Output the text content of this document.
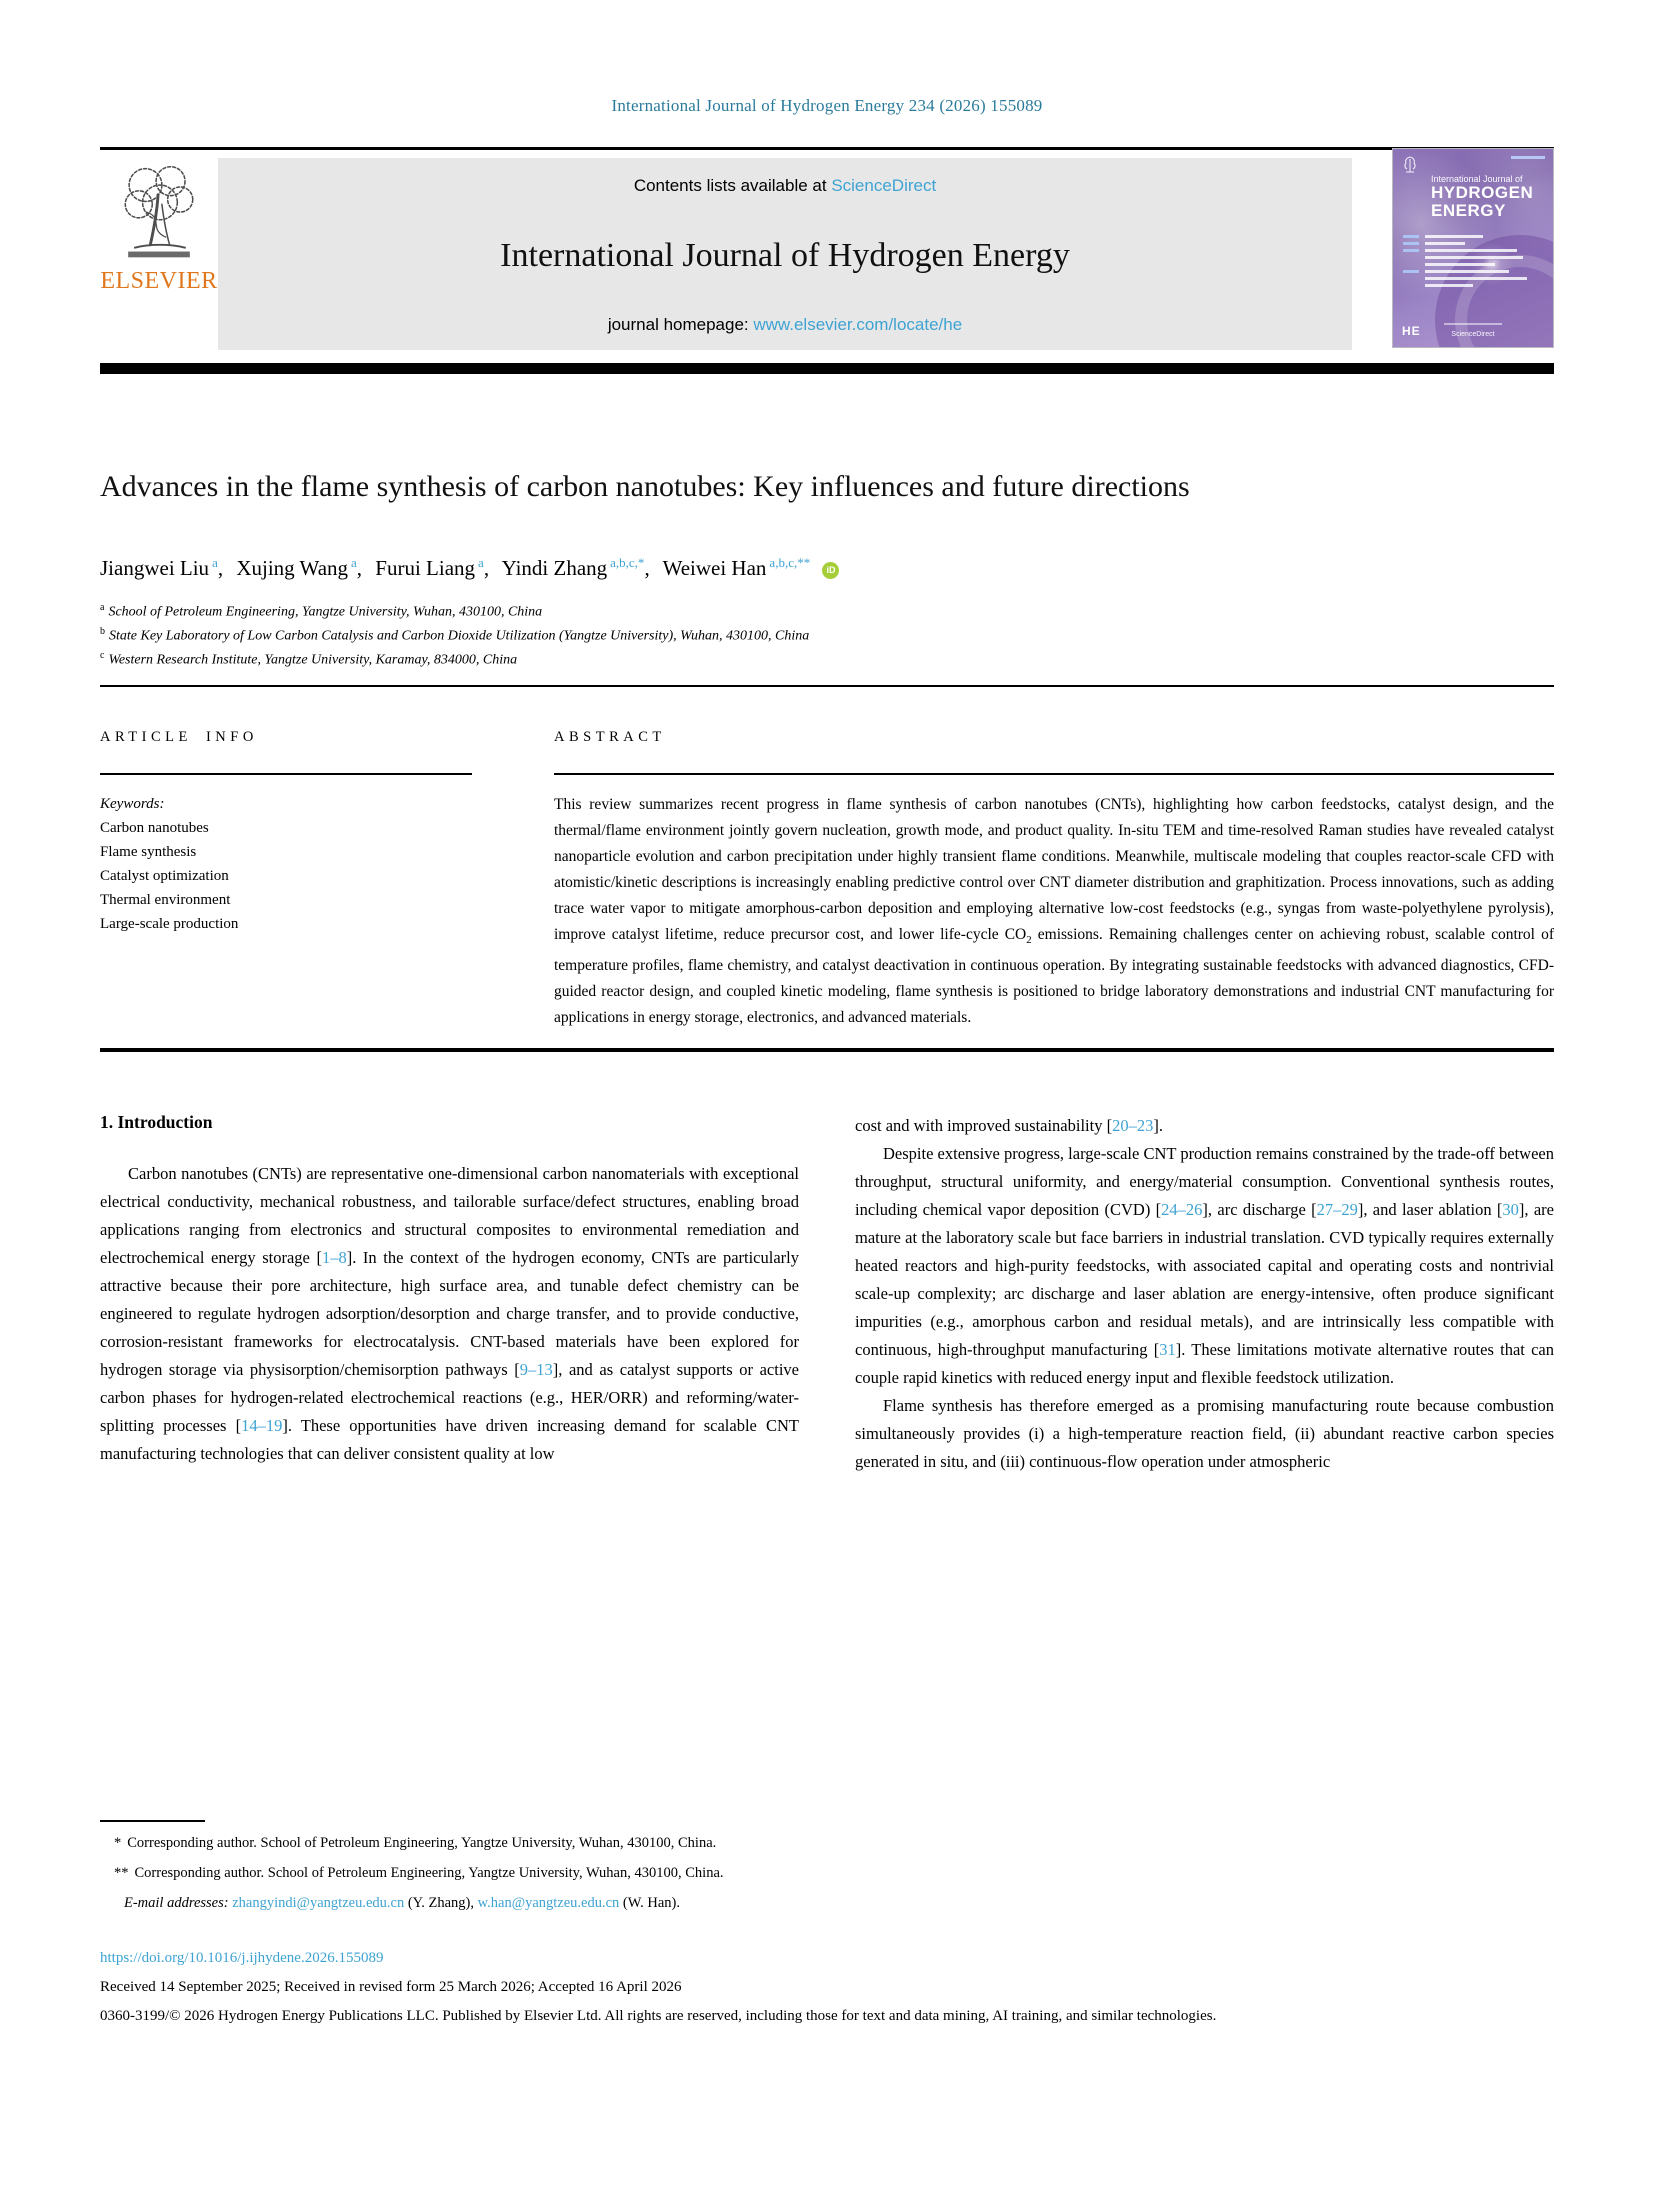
International Journal of Hydrogen Energy 234 (2026) 155089
ELSEVIER
Contents lists available at ScienceDirect
International Journal of Hydrogen Energy
journal homepage: www.elsevier.com/locate/he
International Journal of
HYDROGEN
ENERGY
HE	ScienceDirect
Advances in the flame synthesis of carbon nanotubes: Key influences and future directions
Jiangwei Liu $^a$, Xujing Wang $^a$, Furui Liang $^a$, Yindi Zhang $^{a,b,c,*}$, Weiwei Han $^{a,b,c,**}$ iD
$^a$ School of Petroleum Engineering, Yangtze University, Wuhan, 430100, China
$^b$ State Key Laboratory of Low Carbon Catalysis and Carbon Dioxide Utilization (Yangtze University), Wuhan, 430100, China
$^c$ Western Research Institute, Yangtze University, Karamay, 834000, China
ARTICLE INFO
Keywords:
Carbon nanotubes
Flame synthesis
Catalyst optimization
Thermal environment
Large-scale production
ABSTRACT

This review summarizes recent progress in flame synthesis of carbon nanotubes (CNTs), highlighting how carbon feedstocks, catalyst design, and the thermal/flame environment jointly govern nucleation, growth mode, and product quality. In-situ TEM and time-resolved Raman studies have revealed catalyst nanoparticle evolution and carbon precipitation under highly transient flame conditions. Meanwhile, multiscale modeling that couples reactor-scale CFD with atomistic/kinetic descriptions is increasingly enabling predictive control over CNT diameter distribution and graphitization. Process innovations, such as adding trace water vapor to mitigate amorphous-carbon deposition and employing alternative low-cost feedstocks (e.g., syngas from waste-polyethylene pyrolysis), improve catalyst lifetime, reduce precursor cost, and lower life-cycle $CO_2$ emissions. Remaining challenges center on achieving robust, scalable control of temperature profiles, flame chemistry, and catalyst deactivation in continuous operation. By integrating sustainable feedstocks with advanced diagnostics, CFD-guided reactor design, and coupled kinetic modeling, flame synthesis is positioned to bridge laboratory demonstrations and industrial CNT manufacturing for applications in energy storage, electronics, and advanced materials.

1. Introduction

Carbon nanotubes (CNTs) are representative one-dimensional carbon nanomaterials with exceptional electrical conductivity, mechanical robustness, and tailorable surface/defect structures, enabling broad applications ranging from electronics and structural composites to environmental remediation and electrochemical energy storage [1–8]. In the context of the hydrogen economy, CNTs are particularly attractive because their pore architecture, high surface area, and tunable defect chemistry can be engineered to regulate hydrogen adsorption/desorption and charge transfer, and to provide conductive, corrosion-resistant frameworks for electrocatalysis. CNT-based materials have been explored for hydrogen storage via physisorption/chemisorption pathways [9–13], and as catalyst supports or active carbon phases for hydrogen-related electrochemical reactions (e.g., HER/ORR) and reforming/water-splitting processes [14–19]. These opportunities have driven increasing demand for scalable CNT manufacturing technologies that can deliver consistent quality at low

cost and with improved sustainability [20–23].

Despite extensive progress, large-scale CNT production remains constrained by the trade-off between throughput, structural uniformity, and energy/material consumption. Conventional synthesis routes, including chemical vapor deposition (CVD) [24–26], arc discharge [27–29], and laser ablation [30], are mature at the laboratory scale but face barriers in industrial translation. CVD typically requires externally heated reactors and high-purity feedstocks, with associated capital and operating costs and nontrivial scale-up complexity; arc discharge and laser ablation are energy-intensive, often produce significant impurities (e.g., amorphous carbon and residual metals), and are intrinsically less compatible with continuous, high-throughput manufacturing [31]. These limitations motivate alternative routes that can couple rapid kinetics with reduced energy input and flexible feedstock utilization.

Flame synthesis has therefore emerged as a promising manufacturing route because combustion simultaneously provides (i) a high-temperature reaction field, (ii) abundant reactive carbon species generated in situ, and (iii) continuous-flow operation under atmospheric

* Corresponding author. School of Petroleum Engineering, Yangtze University, Wuhan, 430100, China.
** Corresponding author. School of Petroleum Engineering, Yangtze University, Wuhan, 430100, China.
E-mail addresses: zhangyindi@yangtzeu.edu.cn (Y. Zhang), w.han@yangtzeu.edu.cn (W. Han).
https://doi.org/10.1016/j.ijhydene.2026.155089
Received 14 September 2025; Received in revised form 25 March 2026; Accepted 16 April 2026
0360-3199/© 2026 Hydrogen Energy Publications LLC. Published by Elsevier Ltd. All rights are reserved, including those for text and data mining, AI training, and similar technologies.
